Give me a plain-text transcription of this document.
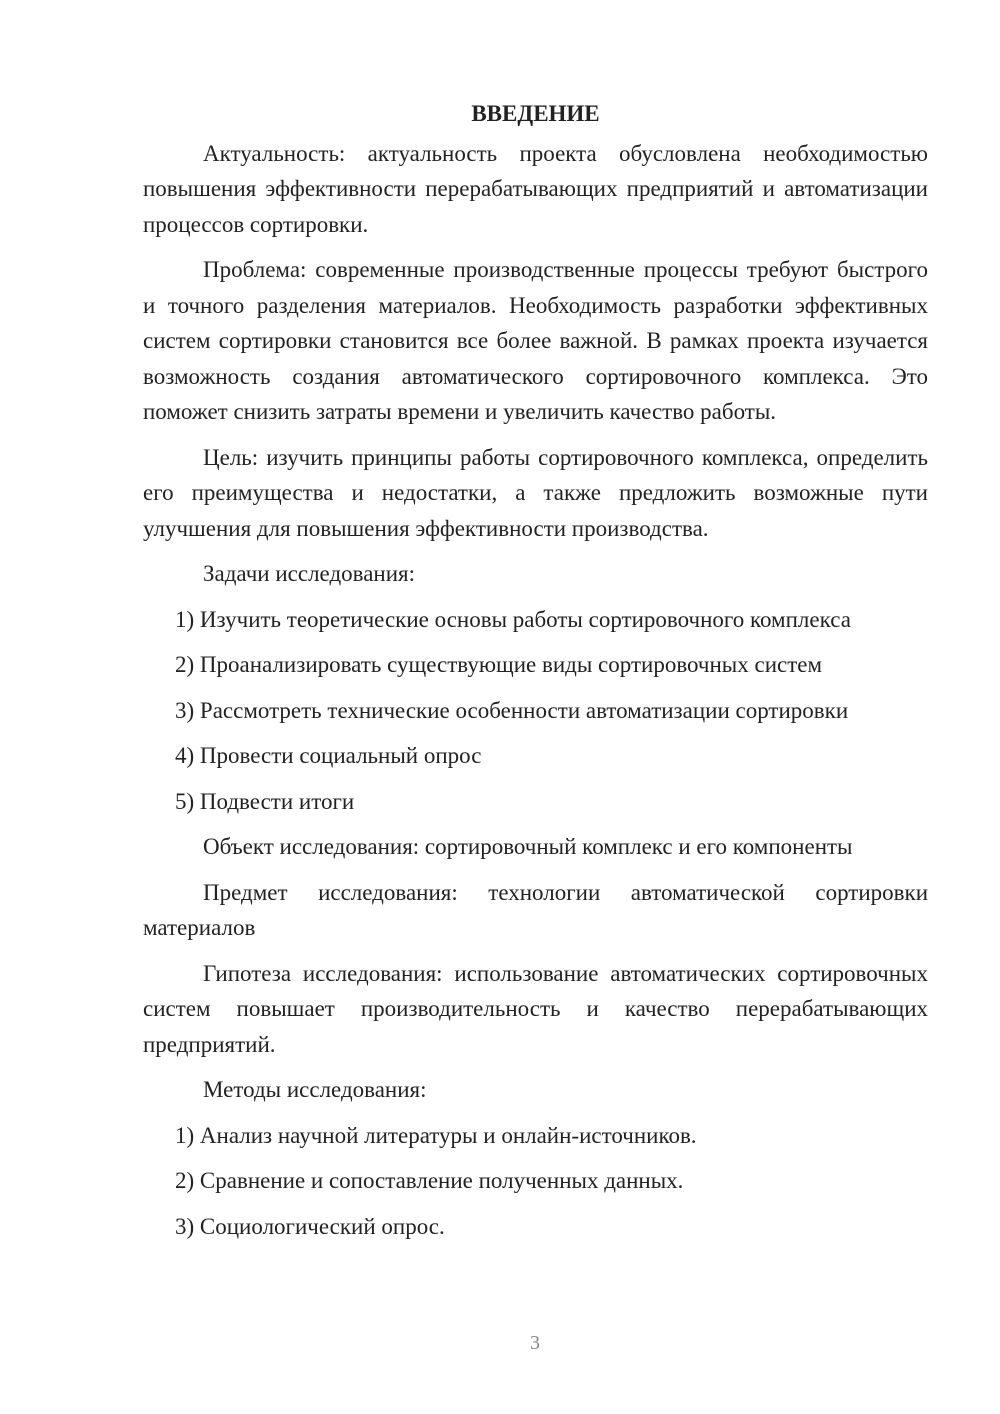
ВВЕДЕНИЕ

Актуальность: актуальность проекта обусловлена необходимостью повышения эффективности перерабатывающих предприятий и автоматизации процессов сортировки.

Проблема: современные производственные процессы требуют быстрого и точного разделения материалов. Необходимость разработки эффективных систем сортировки становится все более важной. В рамках проекта изучается возможность создания автоматического сортировочного комплекса. Это поможет снизить затраты времени и увеличить качество работы.

Цель: изучить принципы работы сортировочного комплекса, определить его преимущества и недостатки, а также предложить возможные пути улучшения для повышения эффективности производства.

Задачи исследования:

1) Изучить теоретические основы работы сортировочного комплекса
2) Проанализировать существующие виды сортировочных систем
3) Рассмотреть технические особенности автоматизации сортировки
4) Провести социальный опрос
5) Подвести итоги

Объект исследования: сортировочный комплекс и его компоненты

Предмет исследования: технологии автоматической сортировки материалов

Гипотеза исследования: использование автоматических сортировочных систем повышает производительность и качество перерабатывающих предприятий.

Методы исследования:

1) Анализ научной литературы и онлайн-источников.
2) Сравнение и сопоставление полученных данных.
3) Социологический опрос.
3
